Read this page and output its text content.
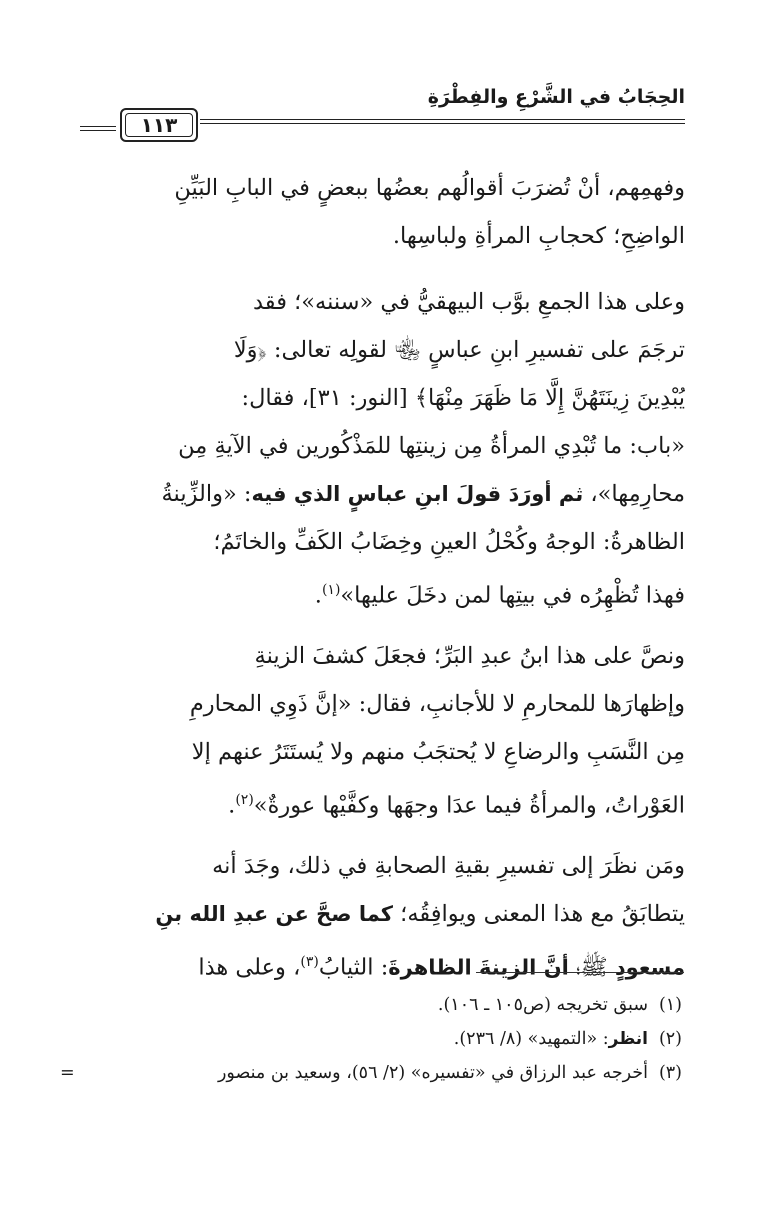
الحِجَابُ في الشَّرْعِ والفِطْرَةِ
١١٣
وفهمِهم، أنْ تُضرَبَ أقوالُهم بعضُها ببعضٍ في البابِ البَيِّنِ
الواضِحِ؛ كحجابِ المرأةِ ولباسِها.
وعلى هذا الجمعِ بوَّب البيهقيُّ في «سننه»؛ فقد
ترجَمَ على تفسيرِ ابنِ عباسٍ ﵄ لقولِه تعالى: ﴿وَلَا
يُبْدِينَ زِينَتَهُنَّ إِلَّا مَا ظَهَرَ مِنْهَا﴾ [النور: ٣١]، فقال:
«باب: ما تُبْدِي المرأةُ مِن زينتِها للمَذْكُورين في الآيةِ مِن
محارِمِها»، ثم أورَدَ قولَ ابنِ عباسٍ الذي فيه: «والزِّينةُ
الظاهرةُ: الوجهُ وكُحْلُ العينِ وخِضَابُ الكَفِّ والخاتَمُ؛
فهذا تُظْهِرُه في بيتِها لمن دخَلَ عليها»$^{(١)}$.
ونصَّ على هذا ابنُ عبدِ البَرِّ؛ فجعَلَ كشفَ الزينةِ
وإظهارَها للمحارمِ لا للأجانبِ، فقال: «إنَّ ذَوِي المحارمِ
مِن النَّسَبِ والرضاعِ لا يُحتجَبُ منهم ولا يُستَتَرُ عنهم إلا
العَوْراتُ، والمرأةُ فيما عدَا وجهَها وكفَّيْها عورةٌ»$^{(٢)}$.
ومَن نظَرَ إلى تفسيرِ بقيةِ الصحابةِ في ذلك، وجَدَ أنه
يتطابَقُ مع هذا المعنى ويوافِقُه؛ كما صحَّ عن عبدِ الله بنِ
مسعودٍ ﷺ؛ أنَّ الزينةَ الظاهرةَ: الثيابُ$^{(٣)}$، وعلى هذا
(١)سبق تخريجه (ص١٠٥ ـ ١٠٦).
(٢)انظر: «التمهيد» (٨/ ٢٣٦).
(٣)
=	أخرجه عبد الرزاق في «تفسيره» (٢/ ٥٦)، وسعيد بن منصور
